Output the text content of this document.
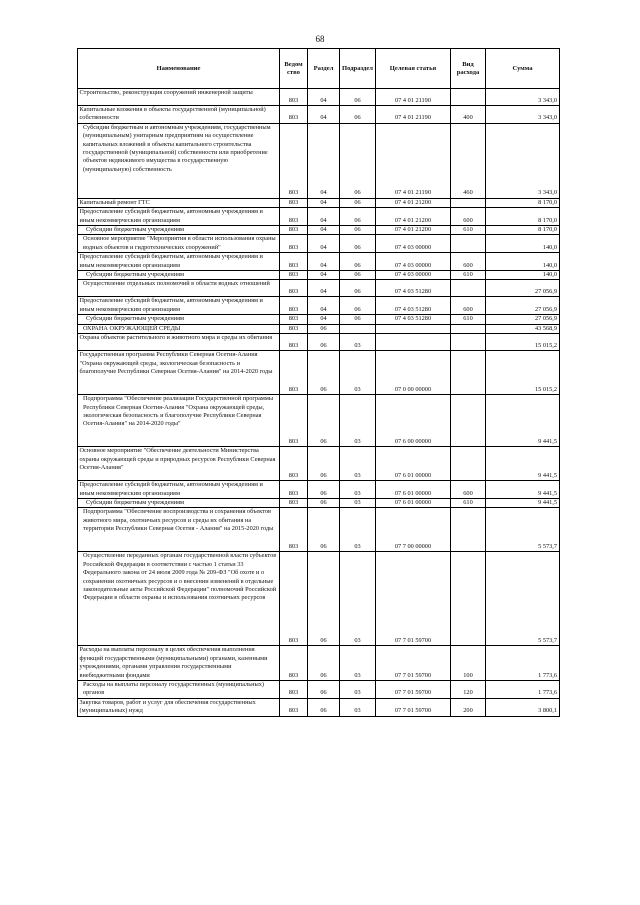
68
Наименование	Ведом ство	Раздел	Подраздел	Целевая статья	Вид расхода	Сумма
Строительство, реконструкция сооружений инженерной защиты	803	04	06	07 4 01 21190		3 343,0
Капитальные вложения в объекты государственной (муниципальной) собственности	803	04	06	07 4 01 21190	400	3 343,0
Субсидии бюджетным и автономным учреждениям, государственным (муниципальным) унитарным предприятиям на осуществление капитальных вложений в объекты капитального строительства государственной (муниципальной) собственности или приобретение объектов недвижимого имущества в государственную (муниципальную) собственность	803	04	06	07 4 01 21190	460	3 343,0
Капитальный ремонт ГТС	803	04	06	07 4 01 21200		8 170,0
Предоставление субсидий бюджетным, автономным учреждениям и иным некоммерческим организациям	803	04	06	07 4 01 21200	600	8 170,0
Субсидии бюджетным учреждениям	803	04	06	07 4 01 21200	610	8 170,0
Основное мероприятие "Мероприятия в области использования охраны водных объектов и гидротехнических сооружений"	803	04	06	07 4 03 00000		140,0
Предоставление субсидий бюджетным, автономным учреждениям и иным некоммерческим организациям	803	04	06	07 4 03 00000	600	140,0
Субсидии бюджетным учреждениям	803	04	06	07 4 03 00000	610	140,0
Осуществление отдельных полномочий в области водных отношений	803	04	06	07 4 03 51280		27 056,9
Предоставление субсидий бюджетным, автономным учреждениям и иным некоммерческим организациям	803	04	06	07 4 03 51280	600	27 056,9
Субсидии бюджетным учреждениям	803	04	06	07 4 03 51280	610	27 056,9
ОХРАНА ОКРУЖАЮЩЕЙ СРЕДЫ	803	06				43 568,9
Охрана объектов растительного и животного мира и среды их обитания	803	06	03			15 015,2
Государственная программа Республики Северная Осетия-Алания "Охрана окружающей среды, экологическая безопасность и благополучие Республики Северная Осетия-Алания" на 2014-2020 годы	803	06	03	07 0 00 00000		15 015,2
Подпрограмма "Обеспечение реализации Государственной программы Республики Северная Осетия-Алания "Охрана окружающей среды, экологическая безопасность и благополучие Республики Северная Осетия-Алания" на 2014-2020 годы"	803	06	03	07 6 00 00000		9 441,5
Основное мероприятие "Обеспечение деятельности Министерства охраны окружающей среды и природных ресурсов Республики Северная Осетия-Алания"	803	06	03	07 6 01 00000		9 441,5
Предоставление субсидий бюджетным, автономным учреждениям и иным некоммерческим организациям	803	06	03	07 6 01 00000	600	9 441,5
Субсидии бюджетным учреждениям	803	06	03	07 6 01 00000	610	9 441,5
Подпрограмма "Обеспечение воспроизводства и сохранения объектов животного мира, охотничьих ресурсов и среды их обитания на территории Республики Северная Осетия - Алания" на 2015-2020 годы	803	06	03	07 7 00 00000		5 573,7
Осуществление переданных органам государственной власти субъектов Российской Федерации в соответствии с частью 1 статьи 33 Федерального закона от 24 июля 2009 года № 209-ФЗ "Об охоте и о сохранении охотничьих ресурсов и о внесении изменений в отдельные законодательные акты Российской Федерации" полномочий Российской Федерации в области охраны и использования охотничьих ресурсов	803	06	03	07 7 01 59700		5 573,7
Расходы на выплаты персоналу в целях обеспечения выполнения функций государственными (муниципальными) органами, казенными учреждениями, органами управления государственными внебюджетными фондами	803	06	03	07 7 01 59700	100	1 773,6
Расходы на выплаты персоналу государственных (муниципальных) органов	803	06	03	07 7 01 59700	120	1 773,6
Закупка товаров, работ и услуг для обеспечения государственных (муниципальных) нужд	803	06	03	07 7 01 59700	200	3 800,1
